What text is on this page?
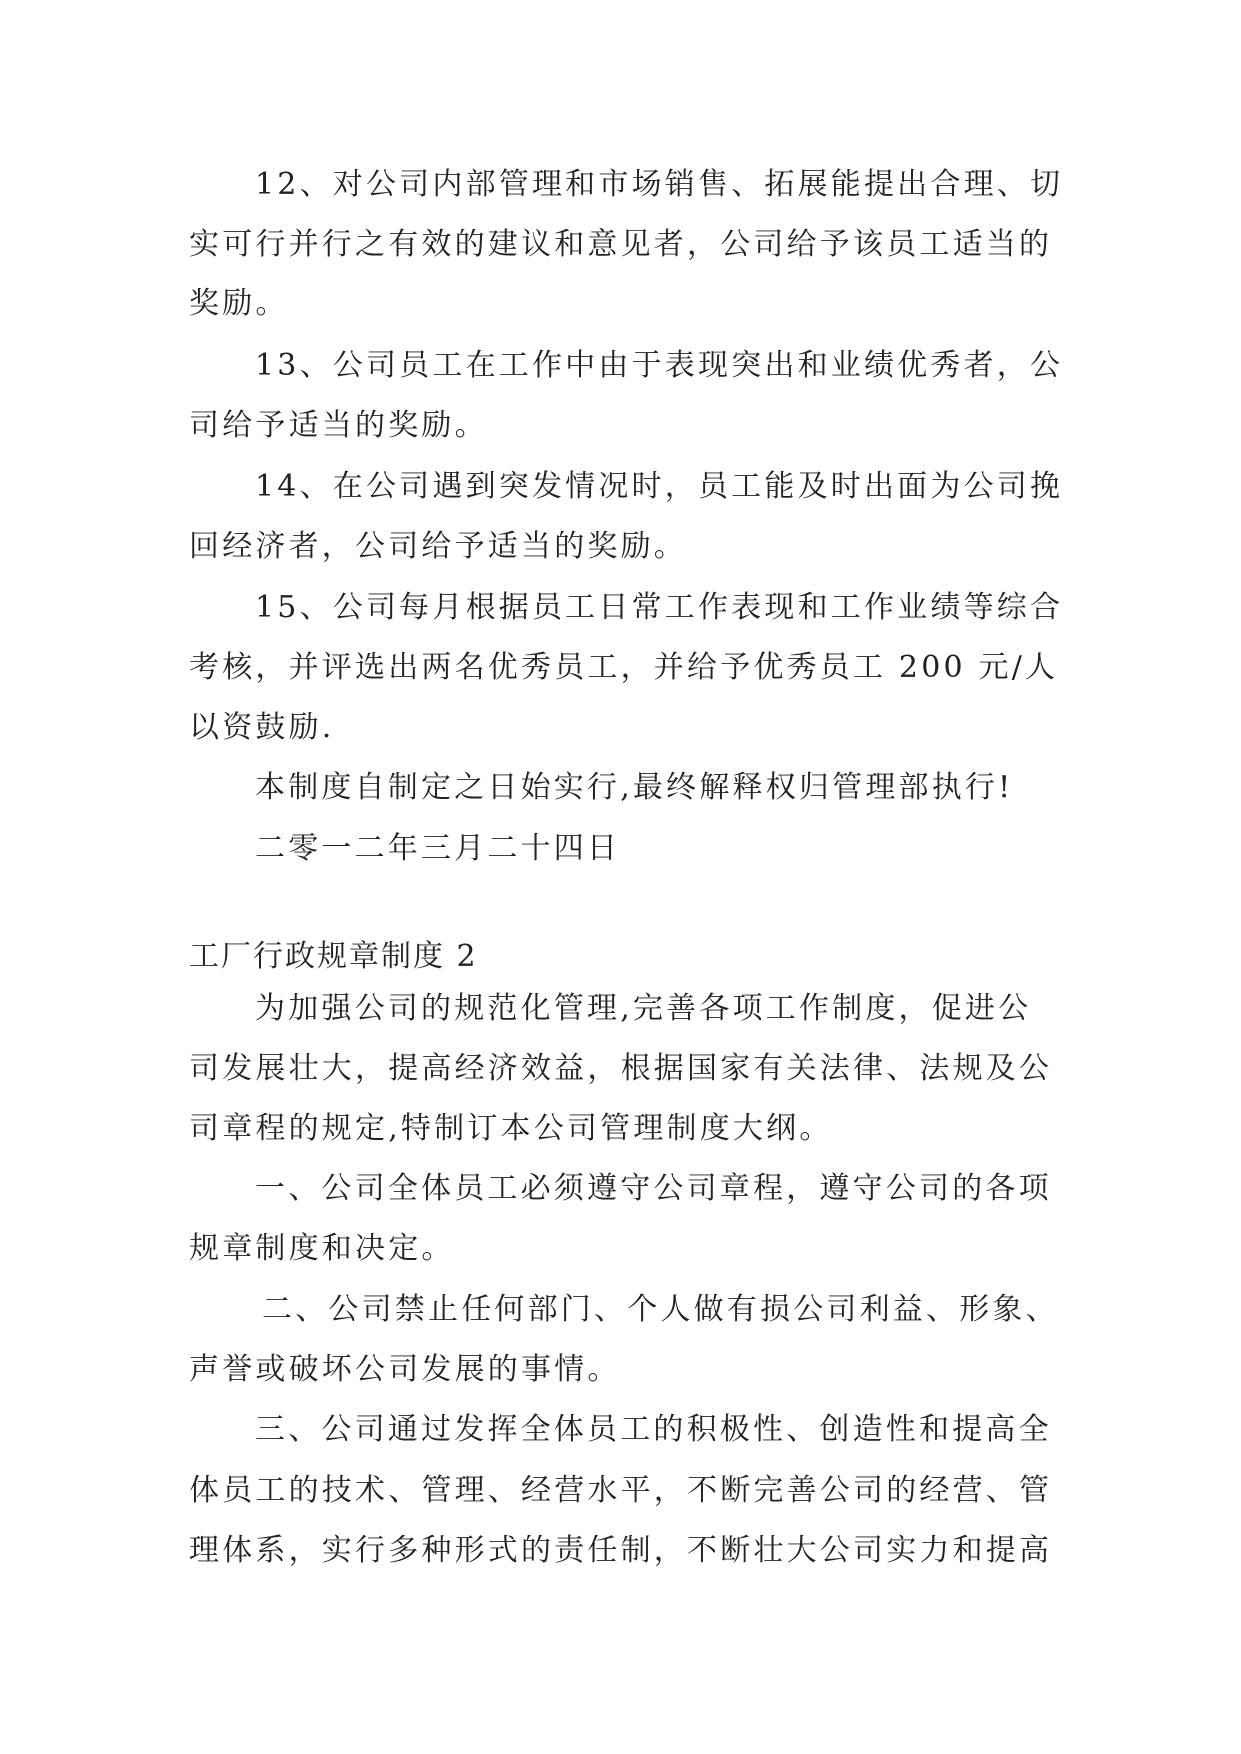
12、对公司内部管理和市场销售、拓展能提出合理、切
实可行并行之有效的建议和意见者，公司给予该员工适当的
奖励。
13、公司员工在工作中由于表现突出和业绩优秀者，公
司给予适当的奖励。
14、在公司遇到突发情况时，员工能及时出面为公司挽
回经济者，公司给予适当的奖励。
15、公司每月根据员工日常工作表现和工作业绩等综合
考核，并评选出两名优秀员工，并给予优秀员工 200 元/人
以资鼓励.
本制度自制定之日始实行,最终解释权归管理部执行!
二零一二年三月二十四日
工厂行政规章制度 2
为加强公司的规范化管理,完善各项工作制度，促进公
司发展壮大，提高经济效益，根据国家有关法律、法规及公
司章程的规定,特制订本公司管理制度大纲。
一、公司全体员工必须遵守公司章程，遵守公司的各项
规章制度和决定。
二、公司禁止任何部门、个人做有损公司利益、形象、
声誉或破坏公司发展的事情。
三、公司通过发挥全体员工的积极性、创造性和提高全
体员工的技术、管理、经营水平，不断完善公司的经营、管
理体系，实行多种形式的责任制，不断壮大公司实力和提高
